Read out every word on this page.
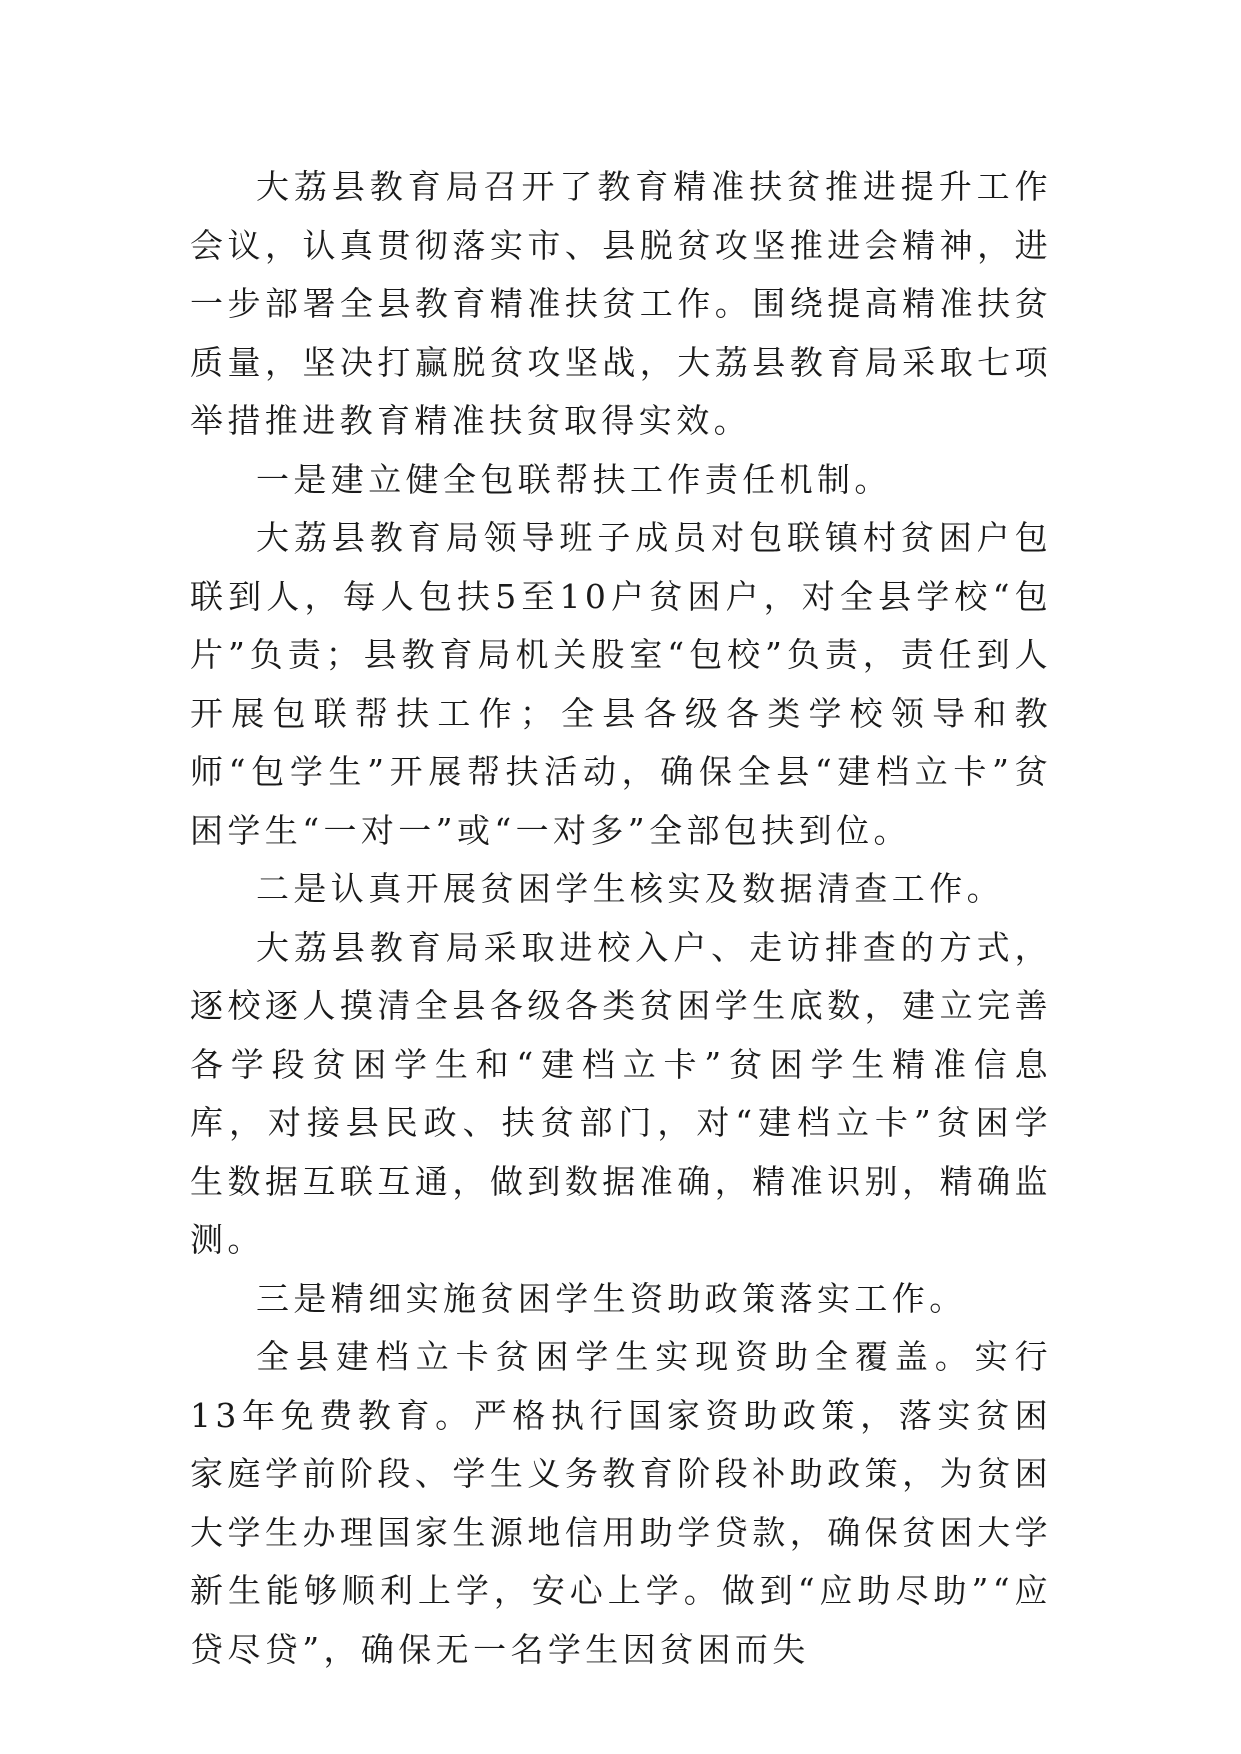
大荔县教育局召开了教育精准扶贫推进提升工作会议，认真贯彻落实市、县脱贫攻坚推进会精神，进一步部署全县教育精准扶贫工作。围绕提高精准扶贫质量，坚决打赢脱贫攻坚战，大荔县教育局采取七项举措推进教育精准扶贫取得实效。

一是建立健全包联帮扶工作责任机制。

大荔县教育局领导班子成员对包联镇村贫困户包联到人，每人包扶5至10户贫困户，对全县学校“包片”负责；县教育局机关股室“包校”负责，责任到人开展包联帮扶工作；全县各级各类学校领导和教师“包学生”开展帮扶活动，确保全县“建档立卡”贫困学生“一对一”或“一对多”全部包扶到位。

二是认真开展贫困学生核实及数据清查工作。

大荔县教育局采取进校入户、走访排查的方式，逐校逐人摸清全县各级各类贫困学生底数，建立完善各学段贫困学生和“建档立卡”贫困学生精准信息库，对接县民政、扶贫部门，对“建档立卡”贫困学生数据互联互通，做到数据准确，精准识别，精确监测。

三是精细实施贫困学生资助政策落实工作。

全县建档立卡贫困学生实现资助全覆盖。实行13年免费教育。严格执行国家资助政策，落实贫困家庭学前阶段、学生义务教育阶段补助政策，为贫困大学生办理国家生源地信用助学贷款，确保贫困大学新生能够顺利上学，安心上学。做到“应助尽助”“应贷尽贷”，确保无一名学生因贫困而失
